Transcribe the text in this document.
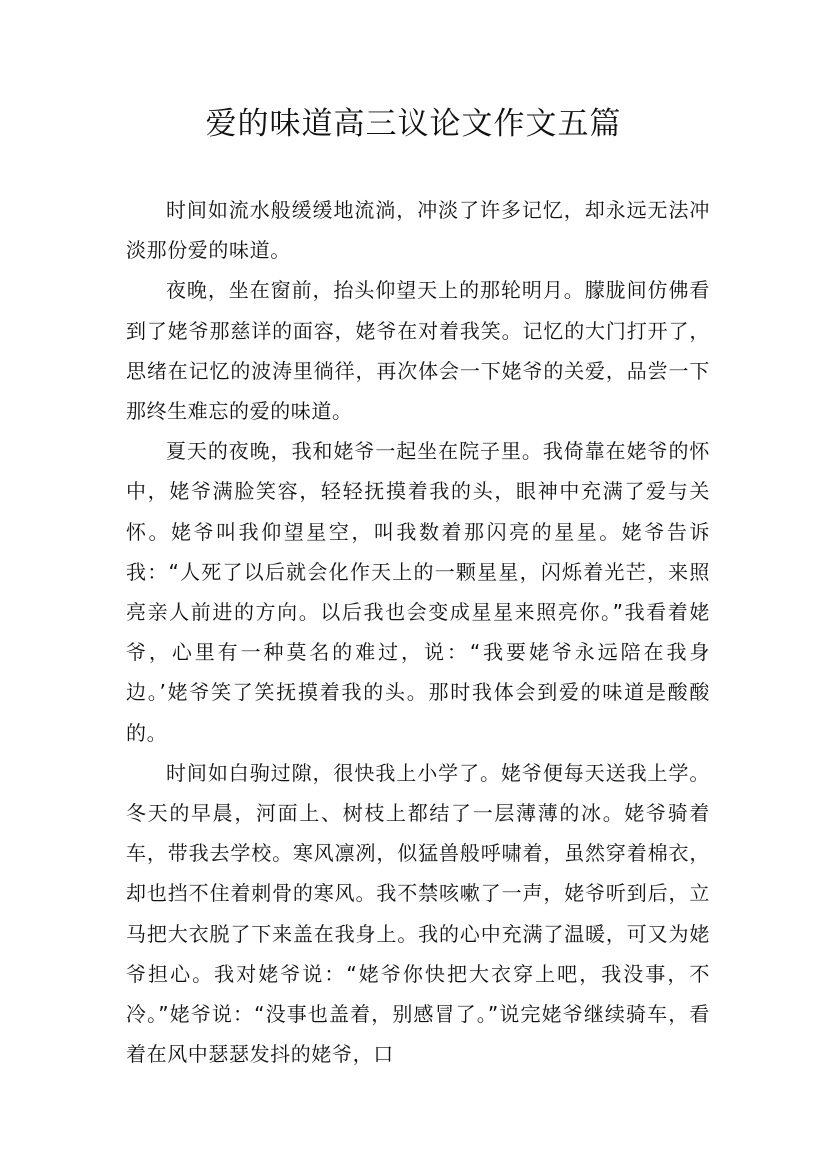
爱的味道高三议论文作文五篇

时间如流水般缓缓地流淌，冲淡了许多记忆，却永远无法冲淡那份爱的味道。

夜晚，坐在窗前，抬头仰望天上的那轮明月。朦胧间仿佛看到了姥爷那慈详的面容，姥爷在对着我笑。记忆的大门打开了，思绪在记忆的波涛里徜徉，再次体会一下姥爷的关爱，品尝一下那终生难忘的爱的味道。

夏天的夜晚，我和姥爷一起坐在院子里。我倚靠在姥爷的怀中，姥爷满脸笑容，轻轻抚摸着我的头，眼神中充满了爱与关怀。姥爷叫我仰望星空，叫我数着那闪亮的星星。姥爷告诉我：“人死了以后就会化作天上的一颗星星，闪烁着光芒，来照亮亲人前进的方向。以后我也会变成星星来照亮你。”我看着姥爷，心里有一种莫名的难过，说：“我要姥爷永远陪在我身边。’姥爷笑了笑抚摸着我的头。那时我体会到爱的味道是酸酸的。

时间如白驹过隙，很快我上小学了。姥爷便每天送我上学。冬天的早晨，河面上、树枝上都结了一层薄薄的冰。姥爷骑着车，带我去学校。寒风凛冽，似猛兽般呼啸着，虽然穿着棉衣，却也挡不住着刺骨的寒风。我不禁咳嗽了一声，姥爷听到后，立马把大衣脱了下来盖在我身上。我的心中充满了温暖，可又为姥爷担心。我对姥爷说：“姥爷你快把大衣穿上吧，我没事，不冷。”姥爷说：“没事也盖着，别感冒了。”说完姥爷继续骑车，看着在风中瑟瑟发抖的姥爷，口
